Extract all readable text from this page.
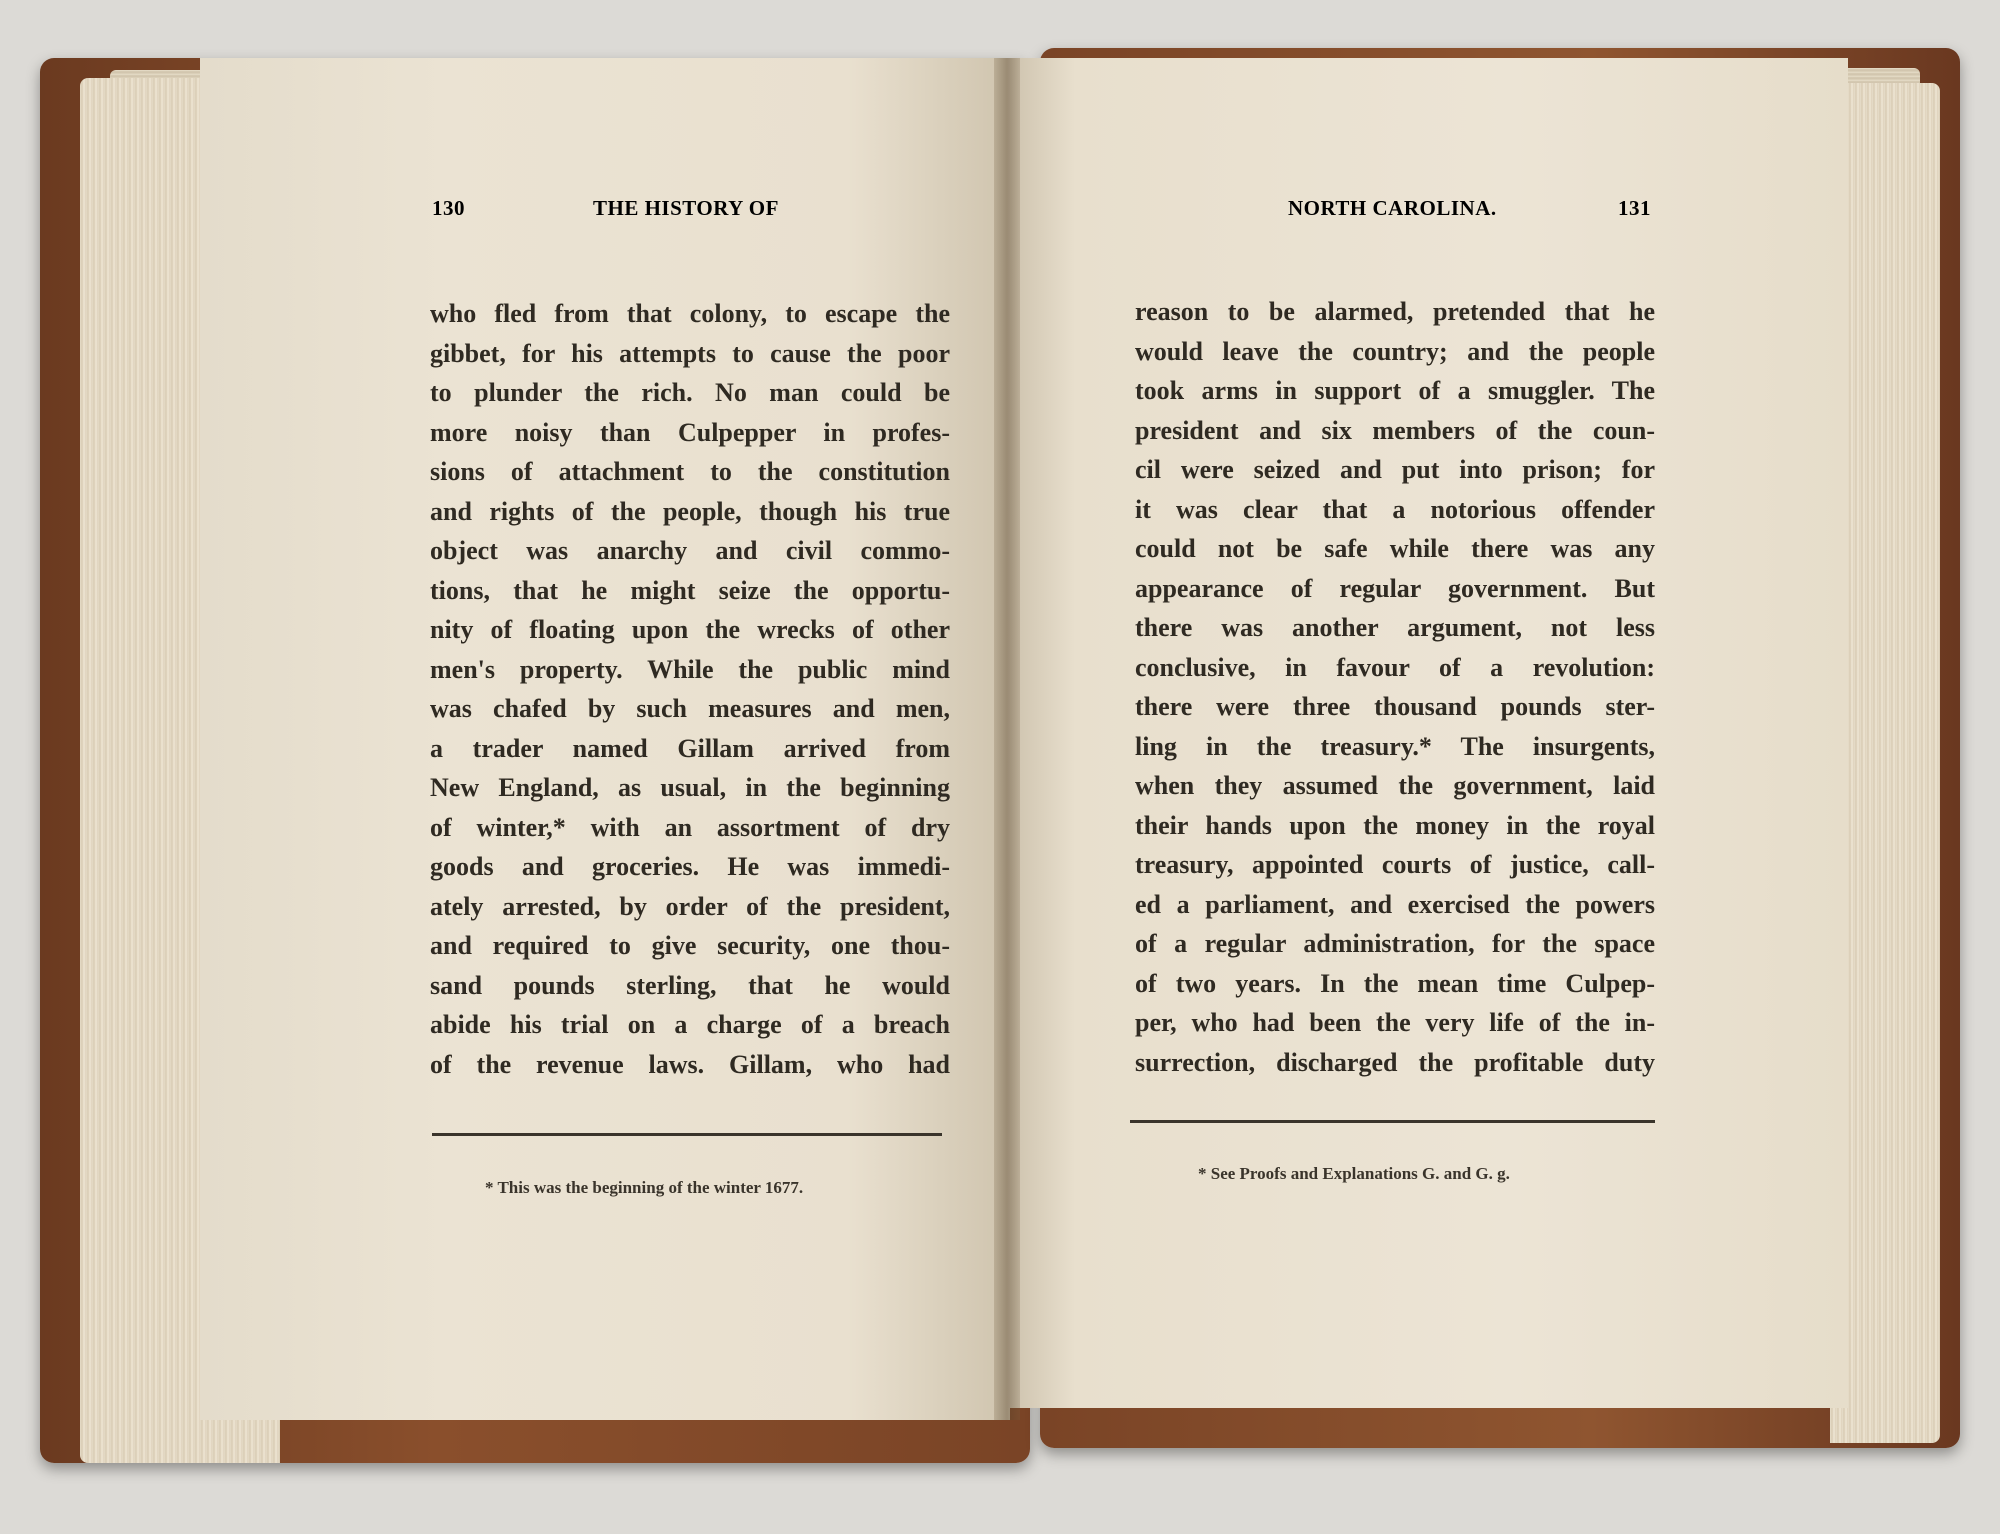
130	THE HISTORY OF	NORTH CAROLINA.	131
who fled from that colony, to escape the
gibbet, for his attempts to cause the poor
to plunder the rich. No man could be
more noisy than Culpepper in profes-
sions of attachment to the constitution
and rights of the people, though his true
object was anarchy and civil commo-
tions, that he might seize the opportu-
nity of floating upon the wrecks of other
men's property. While the public mind
was chafed by such measures and men,
a trader named Gillam arrived from
New England, as usual, in the beginning
of winter,* with an assortment of dry
goods and groceries. He was immedi-
ately arrested, by order of the president,
and required to give security, one thou-
sand pounds sterling, that he would
abide his trial on a charge of a breach
of the revenue laws. Gillam, who had
reason to be alarmed, pretended that he
would leave the country; and the people
took arms in support of a smuggler. The
president and six members of the coun-
cil were seized and put into prison; for
it was clear that a notorious offender
could not be safe while there was any
appearance of regular government. But
there was another argument, not less
conclusive, in favour of a revolution:
there were three thousand pounds ster-
ling in the treasury.* The insurgents,
when they assumed the government, laid
their hands upon the money in the royal
treasury, appointed courts of justice, call-
ed a parliament, and exercised the powers
of a regular administration, for the space
of two years. In the mean time Culpep-
per, who had been the very life of the in-
surrection, discharged the profitable duty
* This was the beginning of the winter 1677.
* See Proofs and Explanations G. and G. g.
